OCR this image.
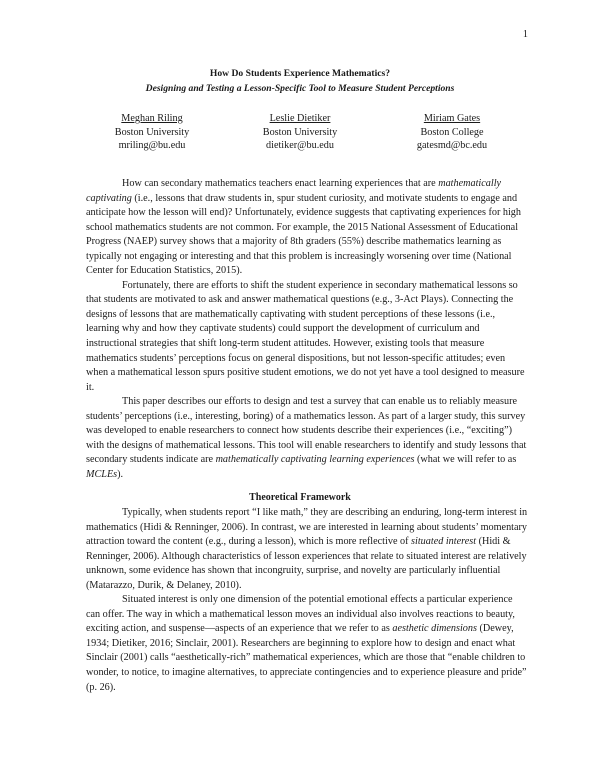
1
How Do Students Experience Mathematics?
Designing and Testing a Lesson-Specific Tool to Measure Student Perceptions
Meghan Riling
Boston University
mriling@bu.edu
Leslie Dietiker
Boston University
dietiker@bu.edu
Miriam Gates
Boston College
gatesmd@bc.edu

How can secondary mathematics teachers enact learning experiences that are mathematically captivating (i.e., lessons that draw students in, spur student curiosity, and motivate students to engage and anticipate how the lesson will end)? Unfortunately, evidence suggests that captivating experiences for high school mathematics students are not common. For example, the 2015 National Assessment of Educational Progress (NAEP) survey shows that a majority of 8th graders (55%) describe mathematics learning as typically not engaging or interesting and that this problem is increasingly worsening over time (National Center for Education Statistics, 2015).

Fortunately, there are efforts to shift the student experience in secondary mathematical lessons so that students are motivated to ask and answer mathematical questions (e.g., 3-Act Plays). Connecting the designs of lessons that are mathematically captivating with student perceptions of these lessons (i.e., learning why and how they captivate students) could support the development of curriculum and instructional strategies that shift long-term student attitudes. However, existing tools that measure mathematics students’ perceptions focus on general dispositions, but not lesson-specific attitudes; even when a mathematical lesson spurs positive student emotions, we do not yet have a tool designed to measure it.

This paper describes our efforts to design and test a survey that can enable us to reliably measure students’ perceptions (i.e., interesting, boring) of a mathematics lesson. As part of a larger study, this survey was developed to enable researchers to connect how students describe their experiences (i.e., “exciting”) with the designs of mathematical lessons. This tool will enable researchers to identify and study lessons that secondary students indicate are mathematically captivating learning experiences (what we will refer to as MCLEs).

Theoretical Framework

Typically, when students report “I like math,” they are describing an enduring, long-term interest in mathematics (Hidi & Renninger, 2006). In contrast, we are interested in learning about students’ momentary attraction toward the content (e.g., during a lesson), which is more reflective of situated interest (Hidi & Renninger, 2006). Although characteristics of lesson experiences that relate to situated interest are relatively unknown, some evidence has shown that incongruity, surprise, and novelty are particularly influential (Matarazzo, Durik, & Delaney, 2010).

Situated interest is only one dimension of the potential emotional effects a particular experience can offer. The way in which a mathematical lesson moves an individual also involves reactions to beauty, exciting action, and suspense—aspects of an experience that we refer to as aesthetic dimensions (Dewey, 1934; Dietiker, 2016; Sinclair, 2001). Researchers are beginning to explore how to design and enact what Sinclair (2001) calls “aesthetically-rich” mathematical experiences, which are those that “enable children to wonder, to notice, to imagine alternatives, to appreciate contingencies and to experience pleasure and pride” (p. 26).
